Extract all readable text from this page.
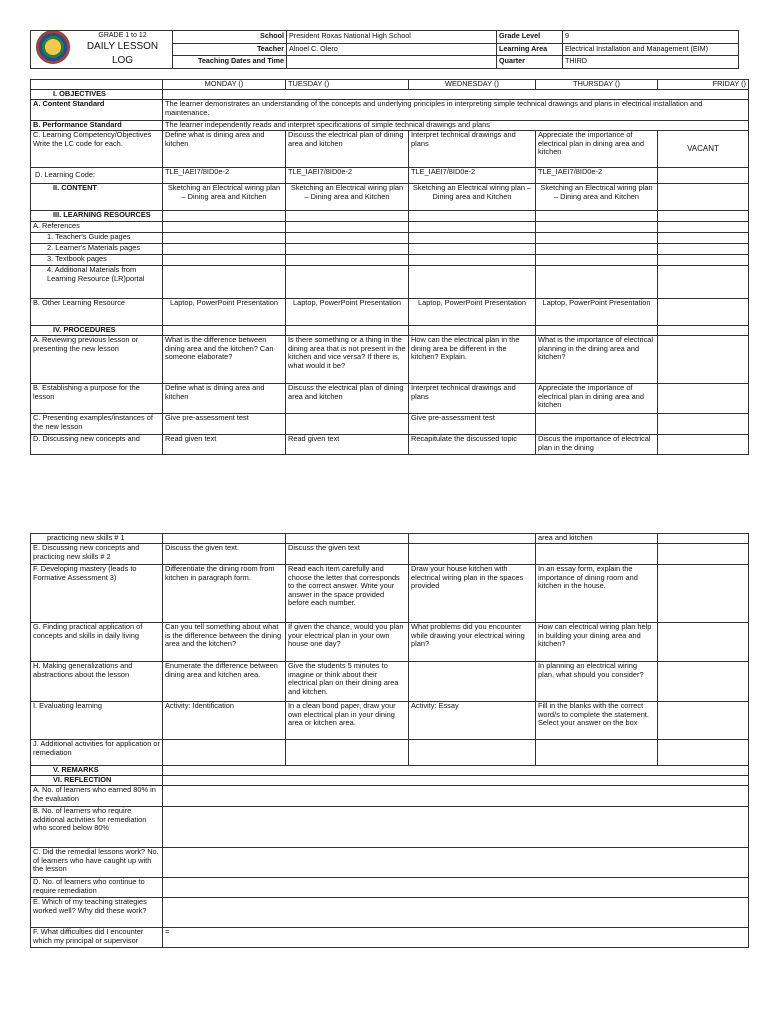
GRADE 1 to 12
DAILY LESSON LOG	School	President Roxas National High School	Grade Level	9
	Teacher	Alnoel C. Olero	Learning Area	Electrical Installation and Management (EIM)
	Teaching Dates and Time		Quarter	THIRD
	MONDAY ()	TUESDAY ()	WEDNESDAY ()	THURSDAY ()	FRIDAY ()
I. OBJECTIVES					
A. Content Standard	The learner demonstrates an understanding of the concepts and underlying principles in interpreting simple technical drawings and plans in electrical installation and maintenance.				
B. Performance Standard	The learner independently reads and interpret specifications of simple technical drawings and plans				
C. Learning Competency/Objectives Write the LC code for each.	Define what is dining area and kitchen	Discuss the electrical plan of dining area and kitchen	Interpret technical drawings and plans	Appreciate the importance of electrical plan in dining area and kitchen	VACANT
D. Learning Code:	TLE_IAEI7/8ID0e-2	TLE_IAEI7/8ID0e-2	TLE_IAEI7/8ID0e-2	TLE_IAEI7/8ID0e-2	
II. CONTENT	Sketching an Electrical wiring plan – Dining area and Kitchen	Sketching an Electrical wiring plan – Dining area and Kitchen	Sketching an Electrical wiring plan – Dining area and Kitchen	Sketching an Electrical wiring plan – Dining area and Kitchen	
III. LEARNING RESOURCES					
A. References					
1. Teacher's Guide pages					
2. Learner's Materials pages					
3. Textbook pages					
4. Additional Materials from Learning Resource (LR)portal					
B. Other Learning Resource	Laptop, PowerPoint Presentation	Laptop, PowerPoint Presentation	Laptop, PowerPoint Presentation	Laptop, PowerPoint Presentation	
IV. PROCEDURES					
A. Reviewing previous lesson or presenting the new lesson	What is the difference between dining area and the kitchen? Can someone elaborate?	Is there something or a thing in the dining area that is not present in the kitchen and vice versa? If there is, what would it be?	How can the electrical plan in the dining area be different in the kitchen? Explain.	What is the importance of electrical planning in the dining area and kitchen?	
B. Establishing a purpose for the lesson	Define what is dining area and kitchen	Discuss the electrical plan of dining area and kitchen	Interpret technical drawings and plans	Appreciate the importance of electrical plan in dining area and kitchen	
C. Presenting examples/instances of the new lesson	Give pre-assessment test		Give pre-assessment test		
D. Discussing new concepts and	Read given text	Read given text	Recapitulate the discussed topic	Discus the importance of electrical plan in the dining	
practicing new skills # 1				area and kitchen	
E. Discussing new concepts and practicing new skills # 2	Discuss the given text.	Discuss the given text			
F. Developing mastery (leads to Formative Assessment 3)	Differentiate the dining room from kitchen in paragraph form.	Read each item carefully and choose the letter that corresponds to the correct answer. Write your answer in the space provided before each number.	Draw your house kitchen with electrical wiring plan in the spaces provided	In an essay form, explain the importance of dining room and kitchen in the house.	
G. Finding practical application of concepts and skills in daily living	Can you tell something about what is the difference between the dining area and the kitchen?	If given the chance, would you plan your electrical plan in your own house one day?	What problems did you encounter while drawing your electrical wiring plan?	How can electrical wiring plan help in building your dining area and kitchen?	
H. Making generalizations and abstractions about the lesson	Enumerate the difference between dining area and kitchen area.	Give the students 5 minutes to imagine or think about their electrical plan on their dining area and kitchen.		In planning an electrical wiring plan, what should you consider?	
I. Evaluating learning	Activity: Identification	In a clean bond paper, draw your own electrical plan in your dining area or kitchen area.	Activity: Essay	Fill in the blanks with the correct word/s to complete the statement. Select your answer on the box	
J. Additional activities for application or remediation					
V. REMARKS					
VI. REFLECTION					
A. No. of learners who earned 80% in the evaluation					
B. No. of learners who require additional activities for remediation who scored below 80%					
C. Did the remedial lessons work? No. of learners who have caught up with the lesson					
D. No. of learners who continue to require remediation					
E. Which of my teaching strategies worked well? Why did these work?					
F. What difficulties did I encounter which my principal or supervisor	=				
